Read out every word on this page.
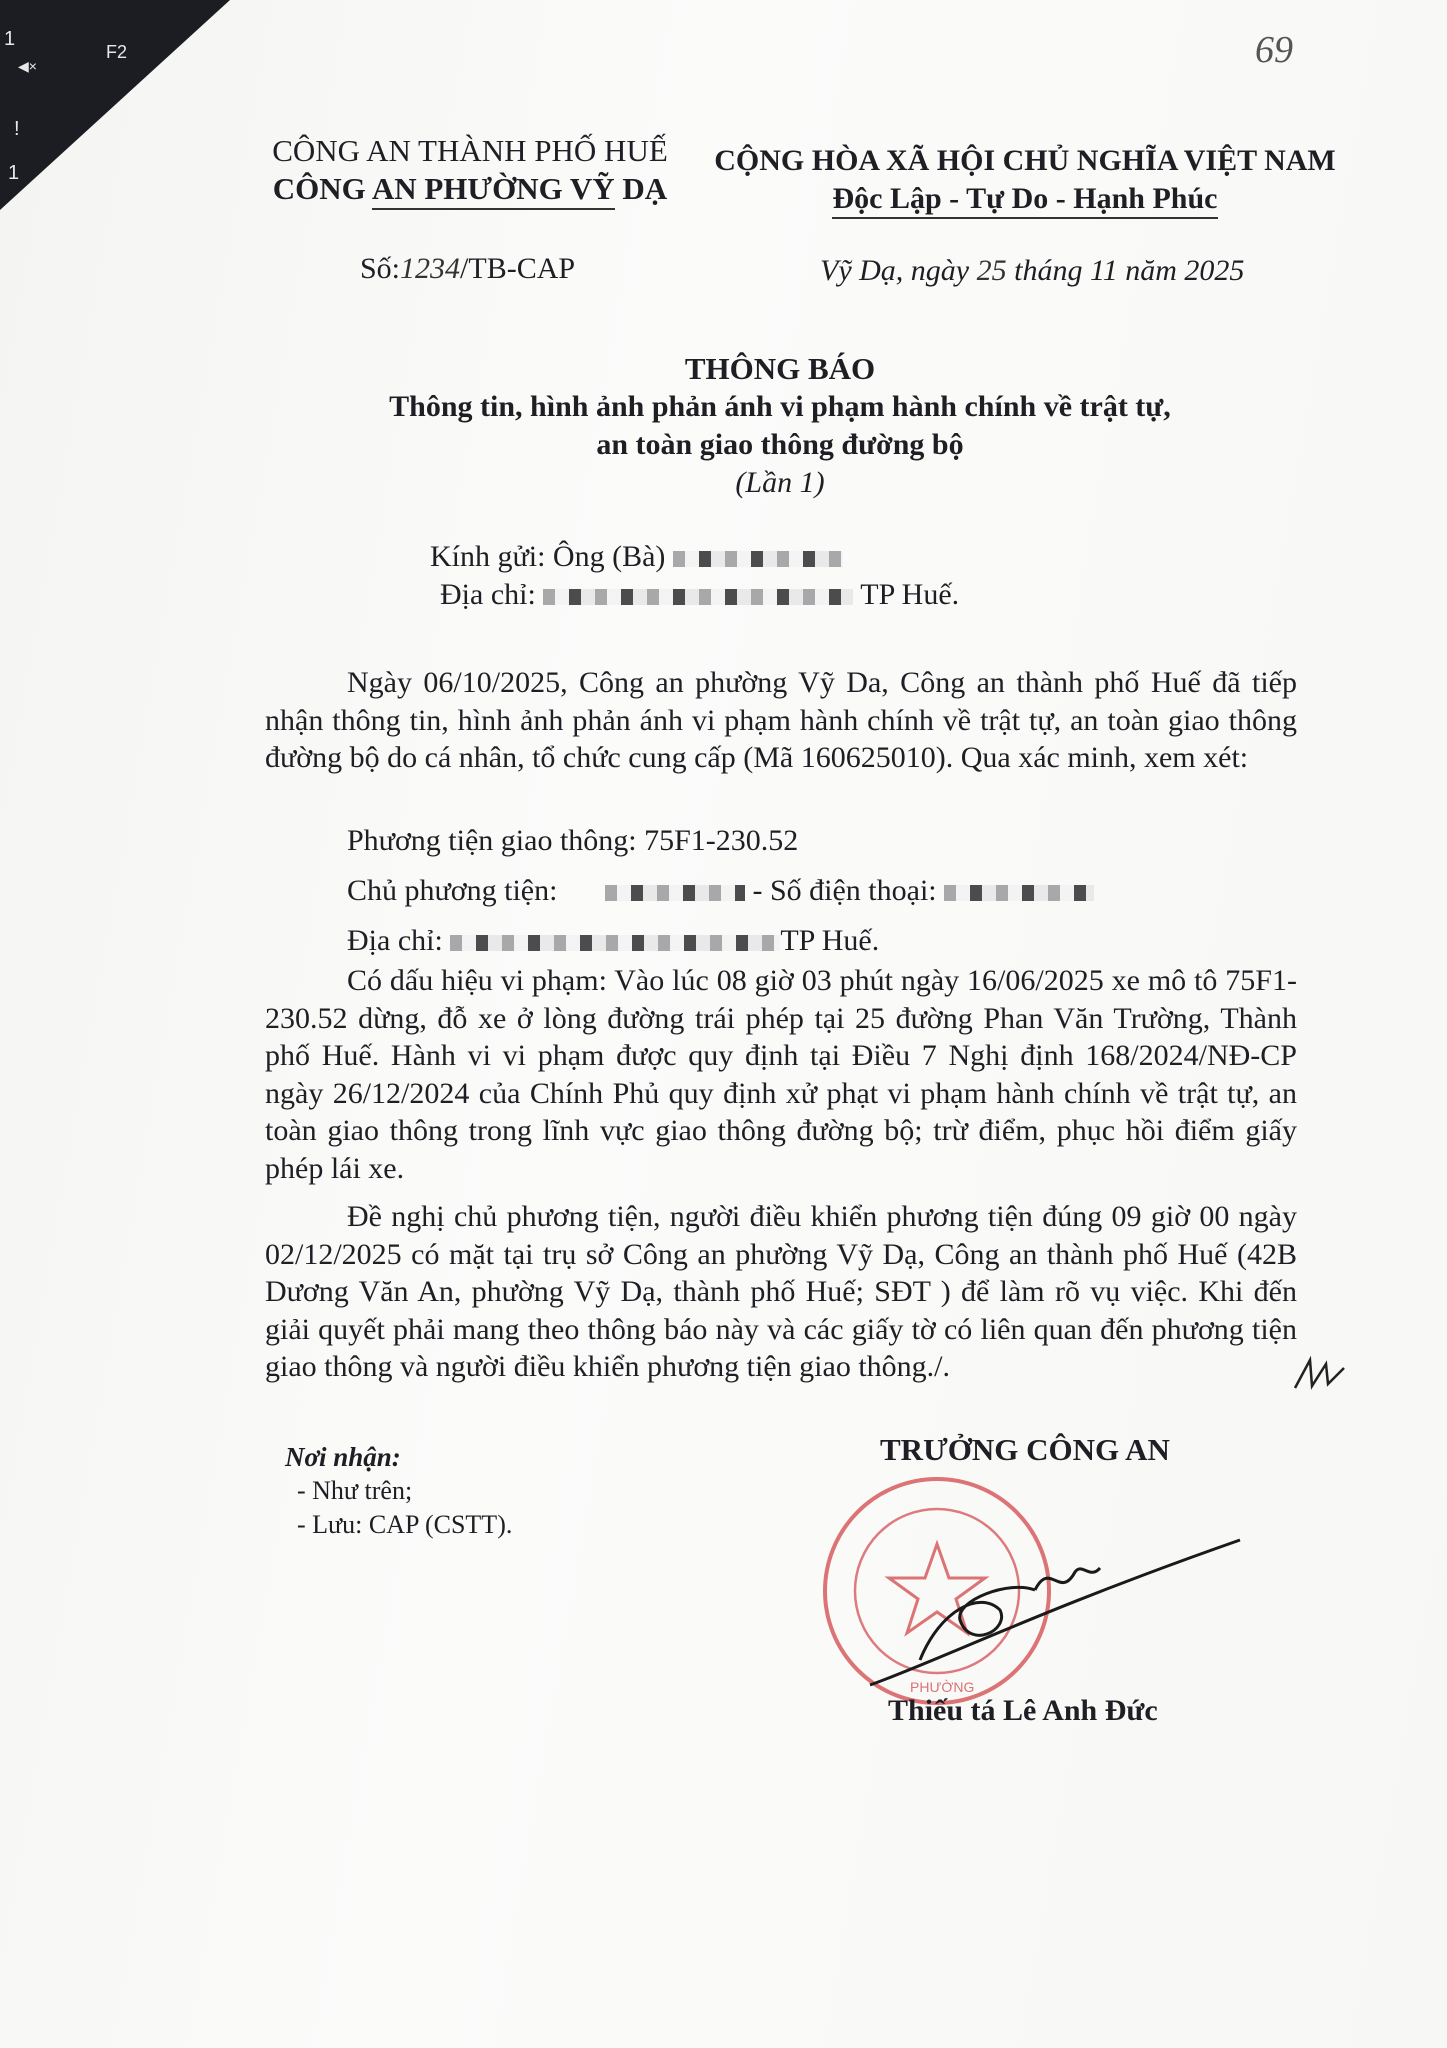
1
F2
◀×
!
1
69
CÔNG AN THÀNH PHỐ HUẾ
CÔNG AN PHƯỜNG VỸ DẠ
CỘNG HÒA XÃ HỘI CHỦ NGHĨA VIỆT NAM
Độc Lập - Tự Do - Hạnh Phúc
Số:1234/TB-CAP	Vỹ Dạ, ngày 25 tháng 11 năm 2025
THÔNG BÁO
Thông tin, hình ảnh phản ánh vi phạm hành chính về trật tự,
an toàn giao thông đường bộ
(Lần 1)
Kính gửi: Ông (Bà)
Địa chỉ:	TP Huế.

Ngày 06/10/2025, Công an phường Vỹ Da, Công an thành phố Huế đã tiếp nhận thông tin, hình ảnh phản ánh vi phạm hành chính về trật tự, an toàn giao thông đường bộ do cá nhân, tổ chức cung cấp (Mã 160625010). Qua xác minh, xem xét:

Phương tiện giao thông: 75F1-230.52

Chủ phương tiện:	- Số điện thoại:

Địa chỉ:	TP Huế.

Có dấu hiệu vi phạm: Vào lúc 08 giờ 03 phút ngày 16/06/2025 xe mô tô 75F1-230.52 dừng, đỗ xe ở lòng đường trái phép tại 25 đường Phan Văn Trường, Thành phố Huế. Hành vi vi phạm được quy định tại Điều 7 Nghị định 168/2024/NĐ-CP ngày 26/12/2024 của Chính Phủ quy định xử phạt vi phạm hành chính về trật tự, an toàn giao thông trong lĩnh vực giao thông đường bộ; trừ điểm, phục hồi điểm giấy phép lái xe.

Đề nghị chủ phương tiện, người điều khiển phương tiện đúng 09 giờ 00 ngày 02/12/2025 có mặt tại trụ sở Công an phường Vỹ Dạ, Công an thành phố Huế (42B Dương Văn An, phường Vỹ Dạ, thành phố Huế; SĐT ) để làm rõ vụ việc. Khi đến giải quyết phải mang theo thông báo này và các giấy tờ có liên quan đến phương tiện giao thông và người điều khiển phương tiện giao thông./.

Nơi nhận:
- Như trên;
- Lưu: CAP (CSTT).
TRƯỞNG CÔNG AN
PHƯỜNG
Thiếu tá Lê Anh Đức
